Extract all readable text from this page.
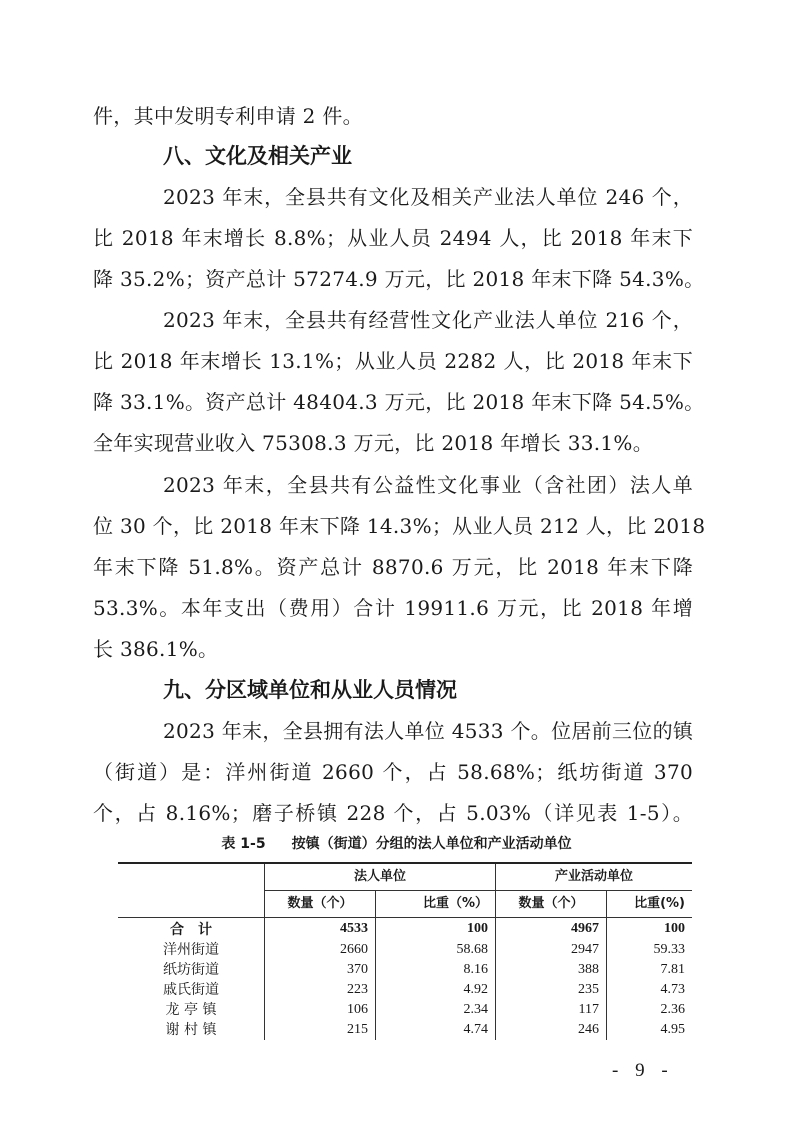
件，其中发明专利申请 2 件。
八、文化及相关产业
2023 年末，全县共有文化及相关产业法人单位 246 个，
比 2018 年末增长 8.8%；从业人员 2494 人，比 2018 年末下
降 35.2%；资产总计 57274.9 万元，比 2018 年末下降 54.3%。
2023 年末，全县共有经营性文化产业法人单位 216 个，
比 2018 年末增长 13.1%；从业人员 2282 人，比 2018 年末下
降 33.1%。资产总计 48404.3 万元，比 2018 年末下降 54.5%。
全年实现营业收入 75308.3 万元，比 2018 年增长 33.1%。
2023 年末，全县共有公益性文化事业（含社团）法人单
位 30 个，比 2018 年末下降 14.3%；从业人员 212 人，比 2018
年末下降 51.8%。资产总计 8870.6 万元，比 2018 年末下降
53.3%。本年支出（费用）合计 19911.6 万元，比 2018 年增
长 386.1%。
九、分区域单位和从业人员情况
2023 年末，全县拥有法人单位 4533 个。位居前三位的镇
（街道）是：洋州街道 2660 个，占 58.68%；纸坊街道 370
个，占 8.16%；磨子桥镇 228 个，占 5.03%（详见表 1-5）。
表 1-5 按镇（街道）分组的法人单位和产业活动单位
	法人单位		产业活动单位	
	数量（个）	比重（%）	数量（个）	比重(%)
合　计	4533	100	4967	100
洋州街道	2660	58.68	2947	59.33
纸坊街道	370	8.16	388	7.81
戚氏街道	223	4.92	235	4.73
龙 亭 镇	106	2.34	117	2.36
谢 村 镇	215	4.74	246	4.95
- 9 -
